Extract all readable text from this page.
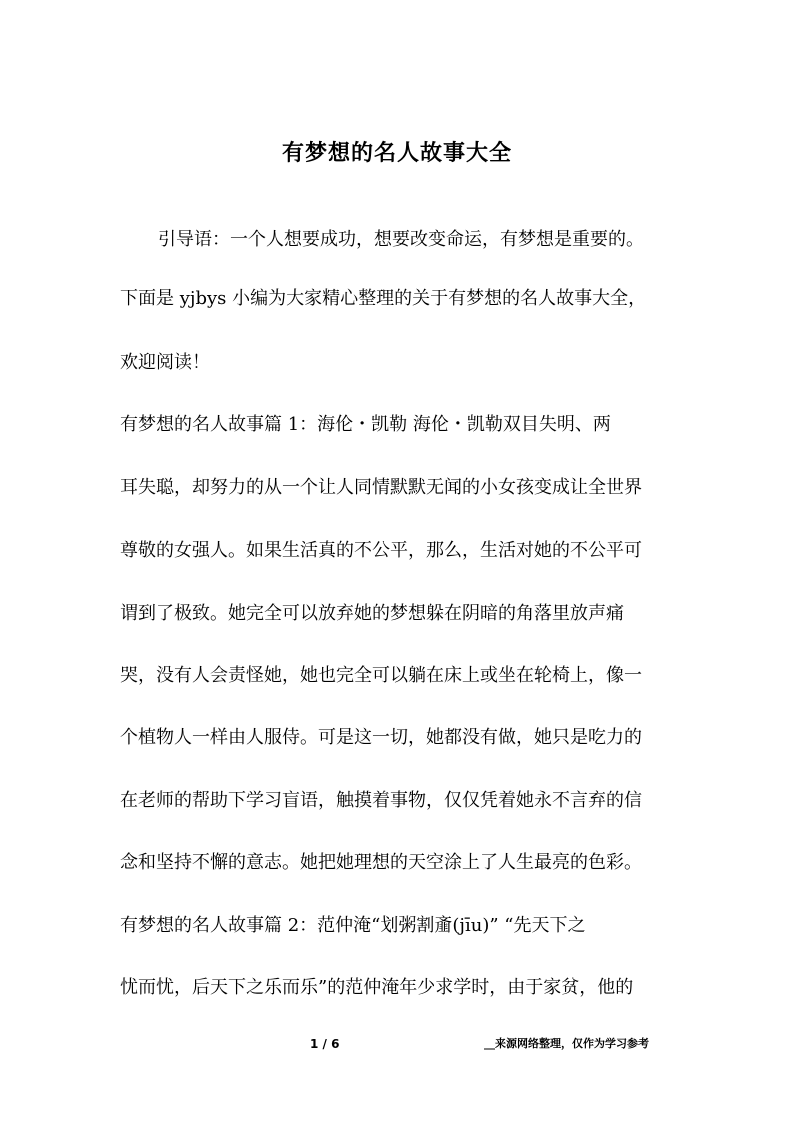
有梦想的名人故事大全
引导语：一个人想要成功，想要改变命运，有梦想是重要的。
下面是 yjbys 小编为大家精心整理的关于有梦想的名人故事大全，
欢迎阅读！
有梦想的名人故事篇 1：海伦・凯勒 海伦・凯勒双目失明、两
耳失聪，却努力的从一个让人同情默默无闻的小女孩变成让全世界
尊敬的女强人。如果生活真的不公平，那么，生活对她的不公平可
谓到了极致。她完全可以放弃她的梦想躲在阴暗的角落里放声痛
哭，没有人会责怪她，她也完全可以躺在床上或坐在轮椅上，像一
个植物人一样由人服侍。可是这一切，她都没有做，她只是吃力的
在老师的帮助下学习盲语，触摸着事物，仅仅凭着她永不言弃的信
念和坚持不懈的意志。她把她理想的天空涂上了人生最亮的色彩。
有梦想的名人故事篇 2：范仲淹“划粥割齑(jīu)” “先天下之
忧而忧，后天下之乐而乐”的范仲淹年少求学时，由于家贫，他的
1 / 6	__来源网络整理，仅作为学习参考
